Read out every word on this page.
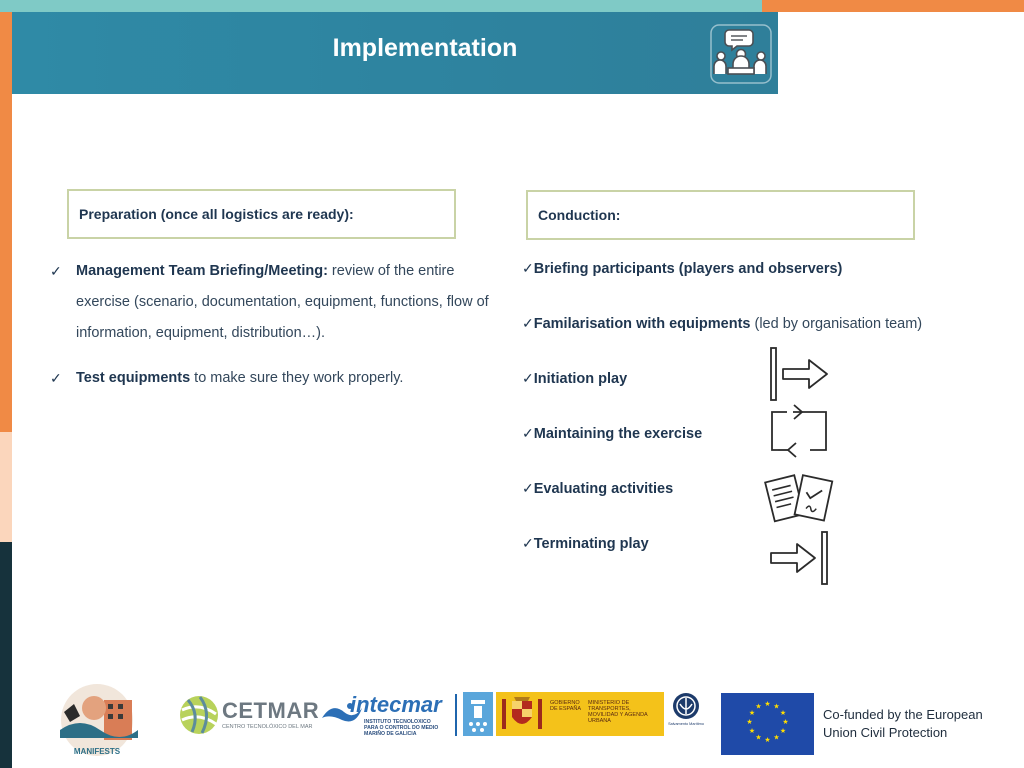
Implementation
Preparation (once all logistics are ready):
✓ Management Team Briefing/Meeting: review of the entire exercise (scenario, documentation, equipment, functions, flow of information, equipment, distribution…).
✓ Test equipments to make sure they work properly.
Conduction:
✓Briefing participants (players and observers)
✓Familarisation with equipments (led by organisation team)
✓Initiation play
✓Maintaining the exercise
✓Evaluating activities
✓Terminating play
MANIFESTS
CETMAR
CENTRO TECNOLÓXICO DEL MAR
intecmar
INSTITUTO TECNOLOXICO PARA O CONTROL DO MEDIO MARIÑO DE GALICIA
GOBIERNO DE ESPAÑA
MINISTERIO DE TRANSPORTES, MOVILIDAD Y AGENDA URBANA	Salvamento Marítimo
★ ★
★
★
★
★
★
★
★
★
★
★
Co-funded by the European Union Civil Protection
